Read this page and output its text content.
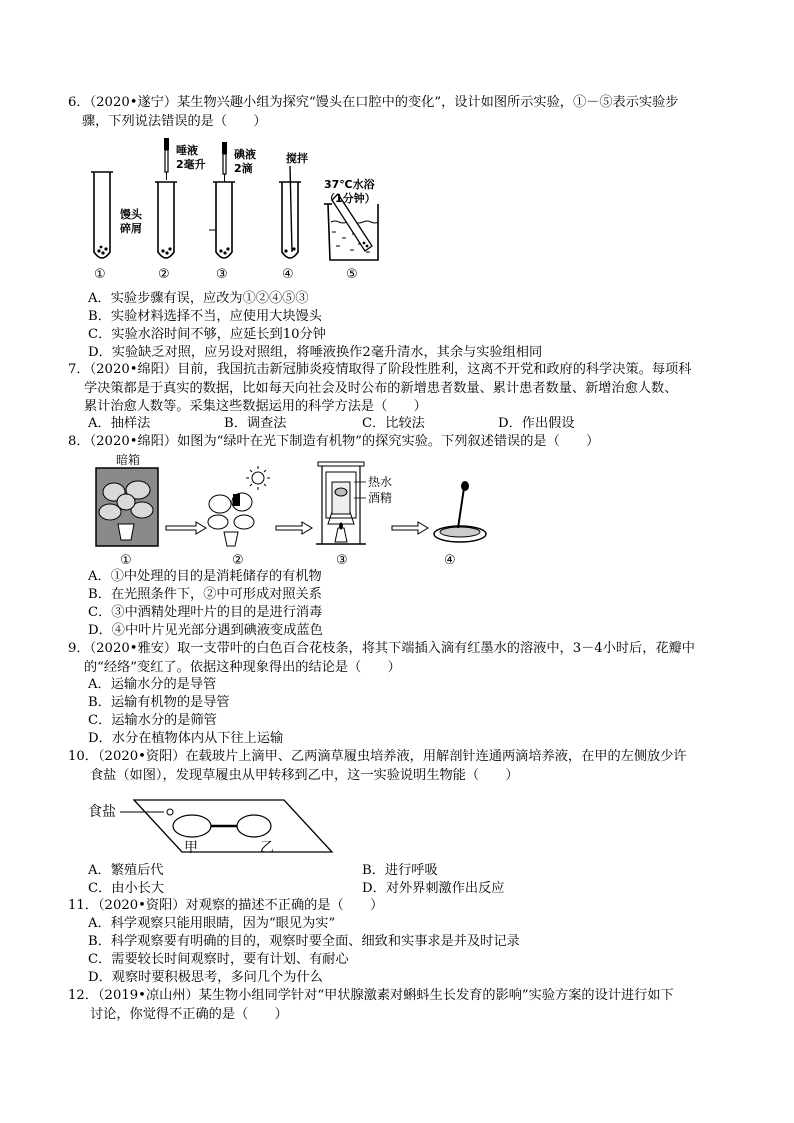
6．（2020•遂宁）某生物兴趣小组为探究“馒头在口腔中的变化”，设计如图所示实验，①－⑤表示实验步
骤，下列说法错误的是（　　）
馒头
碎屑
①
唾液
2毫升
②
碘液
2滴
③
搅拌
④
37℃水浴
（1分钟）
⑤
A．实验步骤有误，应改为①②④⑤③
B．实验材料选择不当，应使用大块馒头
C．实验水浴时间不够，应延长到10分钟
D．实验缺乏对照，应另设对照组，将唾液换作2毫升清水，其余与实验组相同
7．（2020•绵阳）目前，我国抗击新冠肺炎疫情取得了阶段性胜利，这离不开党和政府的科学决策。每项科
学决策都是于真实的数据，比如每天向社会及时公布的新增患者数量、累计患者数量、新增治愈人数、
累计治愈人数等。采集这些数据运用的科学方法是（　　）
A．抽样法	B．调查法	C．比较法	D．作出假设
8．（2020•绵阳）如图为“绿叶在光下制造有机物”的探究实验。下列叙述错误的是（　　）
暗箱
热水
酒精
①	②	③	④
A．①中处理的目的是消耗储存的有机物
B．在光照条件下，②中可形成对照关系
C．③中酒精处理叶片的目的是进行消毒
D．④中叶片见光部分遇到碘液变成蓝色
9．（2020•雅安）取一支带叶的白色百合花枝条，将其下端插入滴有红墨水的溶液中，3－4小时后，花瓣中
的“经络”变红了。依据这种现象得出的结论是（　　）
A．运输水分的是导管
B．运输有机物的是导管
C．运输水分的是筛管
D．水分在植物体内从下往上运输
10．（2020•资阳）在载玻片上滴甲、乙两滴草履虫培养液，用解剖针连通两滴培养液，在甲的左侧放少许
食盐（如图），发现草履虫从甲转移到乙中，这一实验说明生物能（　　）
食盐
甲	乙
A．繁殖后代	B．进行呼吸
C．由小长大	D．对外界刺激作出反应
11．（2020•资阳）对观察的描述不正确的是（　　）
A．科学观察只能用眼睛，因为“眼见为实”
B．科学观察要有明确的目的，观察时要全面、细致和实事求是并及时记录
C．需要较长时间观察时，要有计划、有耐心
D．观察时要积极思考，多问几个为什么
12．（2019•凉山州）某生物小组同学针对“甲状腺激素对蝌蚪生长发育的影响”实验方案的设计进行如下
讨论，你觉得不正确的是（　　）
